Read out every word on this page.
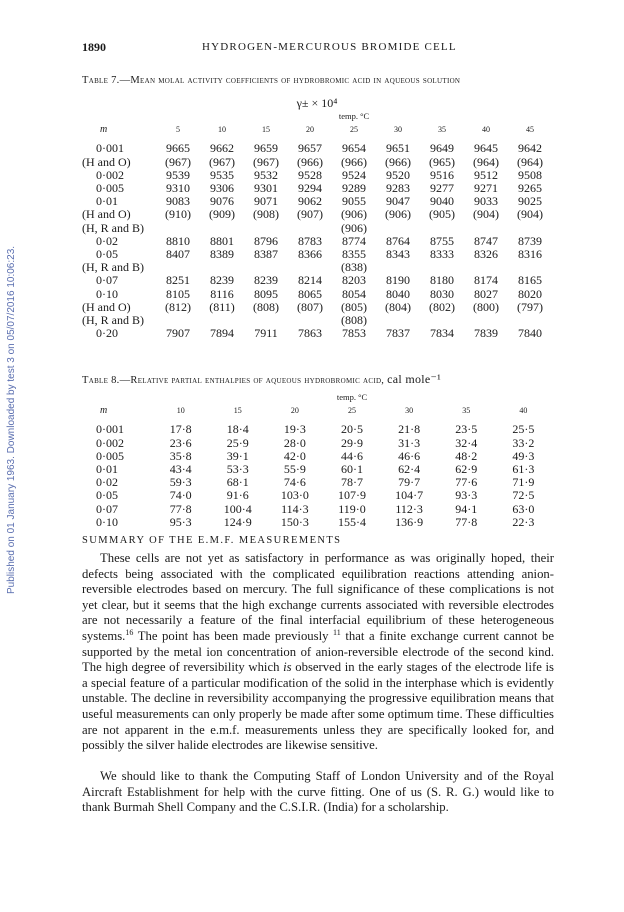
Published on 01 January 1963. Downloaded by test 3 on 05/07/2016 10:06:23.
1890	HYDROGEN-MERCUROUS BROMIDE CELL
Table 7.—Mean molal activity coefficients of hydrobromic acid in aqueous solution
γ± × 10⁴
					temp. °C				
m	5	10	15	20	25	30	35	40	45

0·001	9665	9662	9659	9657	9654	9651	9649	9645	9642
(H and O)	(967)	(967)	(967)	(966)	(966)	(966)	(965)	(964)	(964)
0·002	9539	9535	9532	9528	9524	9520	9516	9512	9508
0·005	9310	9306	9301	9294	9289	9283	9277	9271	9265
0·01	9083	9076	9071	9062	9055	9047	9040	9033	9025
(H and O)	(910)	(909)	(908)	(907)	(906)	(906)	(905)	(904)	(904)
(H, R and B)					(906)				
0·02	8810	8801	8796	8783	8774	8764	8755	8747	8739
0·05	8407	8389	8387	8366	8355	8343	8333	8326	8316
(H, R and B)					(838)				
0·07	8251	8239	8239	8214	8203	8190	8180	8174	8165
0·10	8105	8116	8095	8065	8054	8040	8030	8027	8020
(H and O)	(812)	(811)	(808)	(807)	(805)	(804)	(802)	(800)	(797)
(H, R and B)					(808)				
0·20	7907	7894	7911	7863	7853	7837	7834	7839	7840
Table 8.—Relative partial enthalpies of aqueous hydrobromic acid, cal mole⁻¹
				temp. °C			
m	10	15	20	25	30	35	40

0·001	17·8	18·4	19·3	20·5	21·8	23·5	25·5
0·002	23·6	25·9	28·0	29·9	31·3	32·4	33·2
0·005	35·8	39·1	42·0	44·6	46·6	48·2	49·3
0·01	43·4	53·3	55·9	60·1	62·4	62·9	61·3
0·02	59·3	68·1	74·6	78·7	79·7	77·6	71·9
0·05	74·0	91·6	103·0	107·9	104·7	93·3	72·5
0·07	77·8	100·4	114·3	119·0	112·3	94·1	63·0
0·10	95·3	124·9	150·3	155·4	136·9	77·8	22·3
SUMMARY OF THE E.M.F. MEASUREMENTS

These cells are not yet as satisfactory in performance as was originally hoped, their defects being associated with the complicated equilibration reactions attending anion-reversible electrodes based on mercury. The full significance of these complications is not yet clear, but it seems that the high exchange currents associated with reversible electrodes are not necessarily a feature of the final interfacial equilibrium of these heterogeneous systems.$^{16}$ The point has been made previously $^{11}$ that a finite exchange current cannot be supported by the metal ion concentration of anion-reversible electrode of the second kind. The high degree of reversibility which is observed in the early stages of the electrode life is a special feature of a particular modification of the solid in the interphase which is evidently unstable. The decline in reversibility accompanying the progressive equilibration means that useful measurements can only properly be made after some optimum time. These difficulties are not apparent in the e.m.f. measurements unless they are specifically looked for, and possibly the silver halide electrodes are likewise sensitive.

We should like to thank the Computing Staff of London University and of the Royal Aircraft Establishment for help with the curve fitting. One of us (S. R. G.) would like to thank Burmah Shell Company and the C.S.I.R. (India) for a scholarship.
